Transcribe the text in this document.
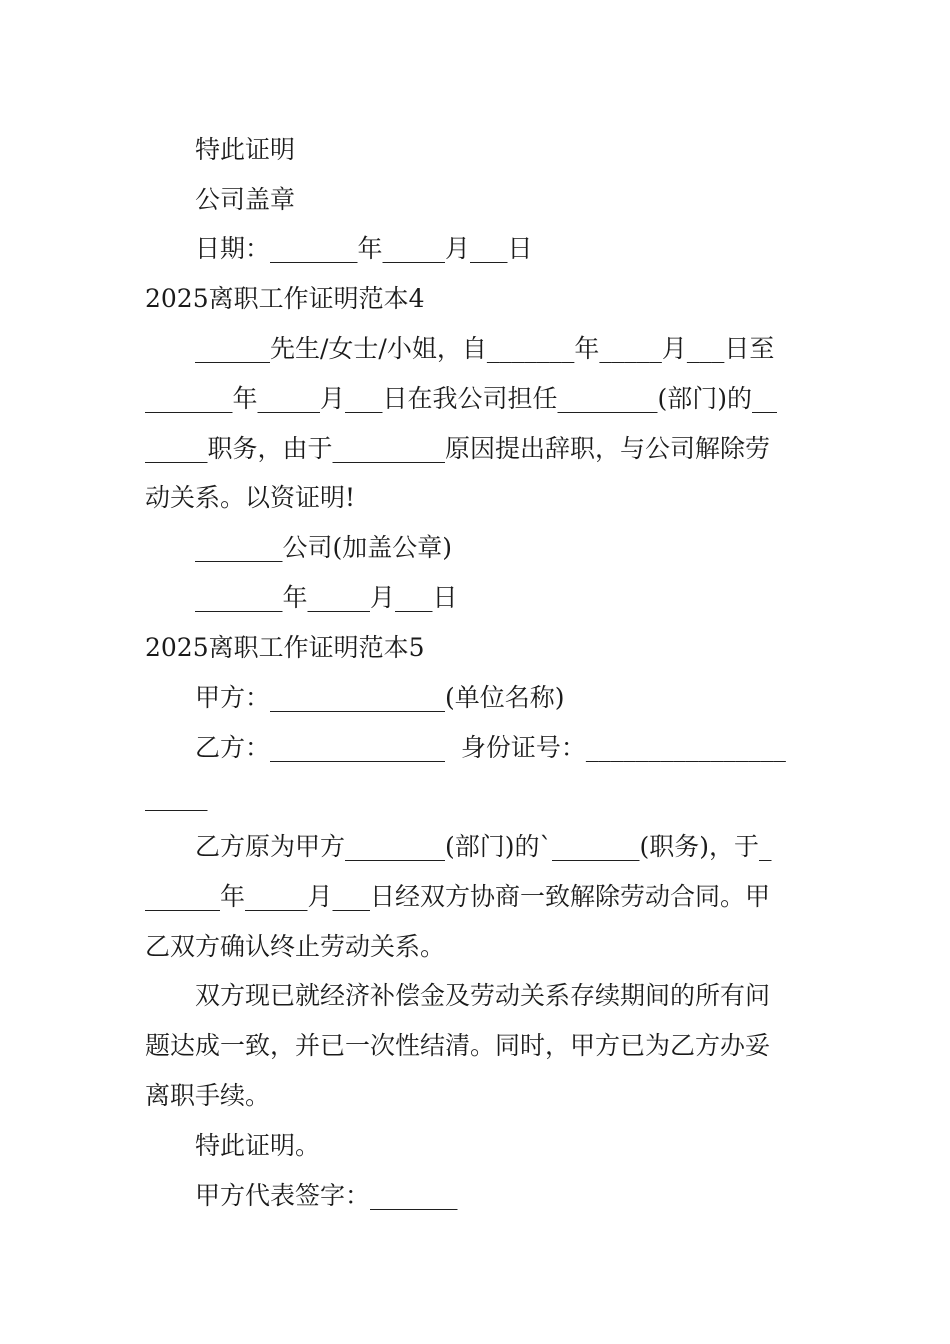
特此证明
公司盖章
日期：_______年_____月___日
2025离职工作证明范本4
______先生/女士/小姐，自_______年_____月___日至
_______年_____月___日在我公司担任________(部门)的__
_____职务，由于_________原因提出辞职，与公司解除劳
动关系。以资证明!
_______公司(加盖公章)
_______年_____月___日
2025离职工作证明范本5
甲方：______________(单位名称)
乙方：______________  身份证号：________________
_____
乙方原为甲方________(部门)的`_______(职务)，于_
______年_____月___日经双方协商一致解除劳动合同。甲
乙双方确认终止劳动关系。
双方现已就经济补偿金及劳动关系存续期间的所有问
题达成一致，并已一次性结清。同时，甲方已为乙方办妥
离职手续。
特此证明。
甲方代表签字：_______
